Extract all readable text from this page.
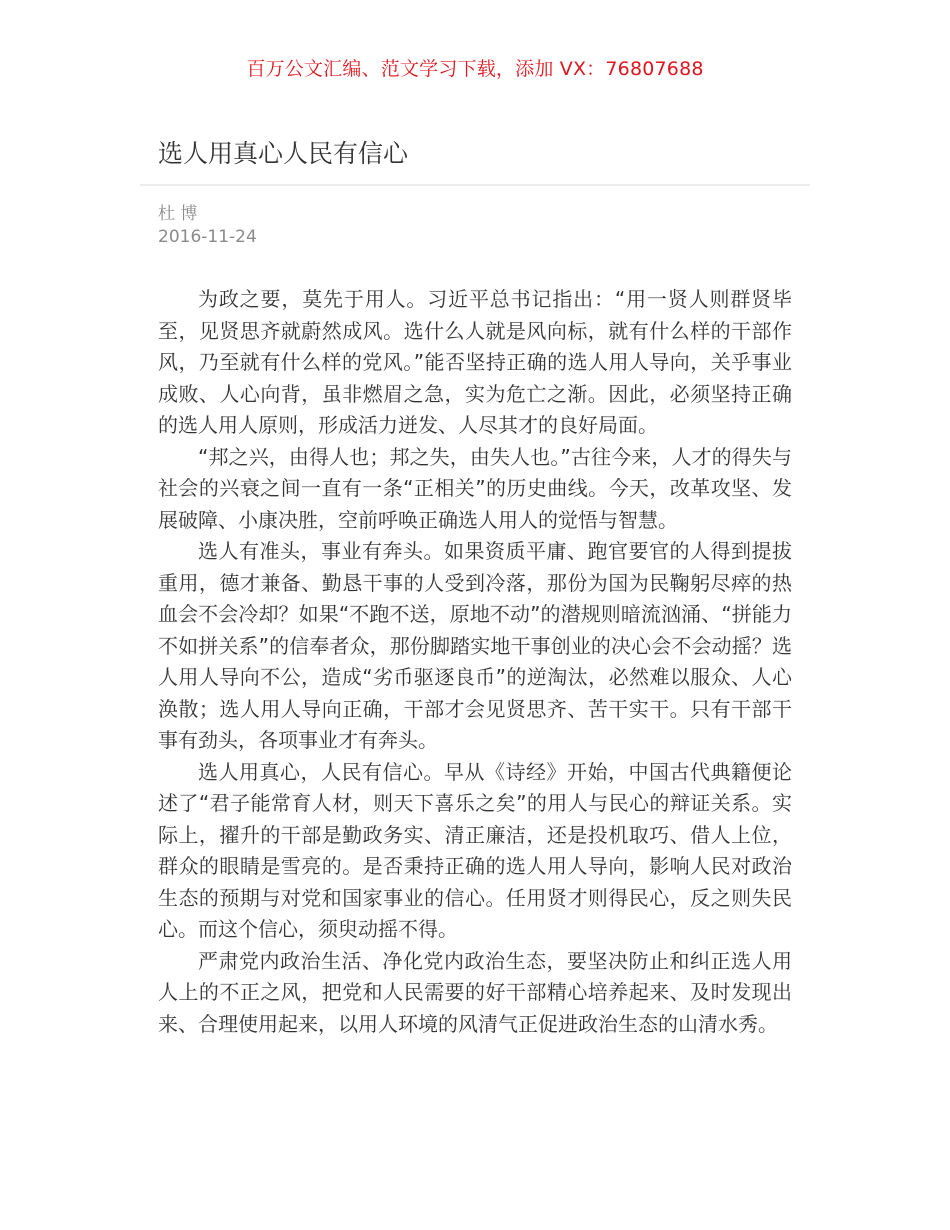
百万公文汇编、范文学习下载，添加 VX：76807688
选人用真心人民有信心
杜 博
2016-11-24

为政之要，莫先于用人。习近平总书记指出：“用一贤人则群贤毕至，见贤思齐就蔚然成风。选什么人就是风向标，就有什么样的干部作风，乃至就有什么样的党风。”能否坚持正确的选人用人导向，关乎事业成败、人心向背，虽非燃眉之急，实为危亡之渐。因此，必须坚持正确的选人用人原则，形成活力迸发、人尽其才的良好局面。

“邦之兴，由得人也；邦之失，由失人也。”古往今来，人才的得失与社会的兴衰之间一直有一条“正相关”的历史曲线。今天，改革攻坚、发展破障、小康决胜，空前呼唤正确选人用人的觉悟与智慧。

选人有准头，事业有奔头。如果资质平庸、跑官要官的人得到提拔重用，德才兼备、勤恳干事的人受到冷落，那份为国为民鞠躬尽瘁的热血会不会冷却？如果“不跑不送，原地不动”的潜规则暗流汹涌、“拼能力不如拼关系”的信奉者众，那份脚踏实地干事创业的决心会不会动摇？选人用人导向不公，造成“劣币驱逐良币”的逆淘汰，必然难以服众、人心涣散；选人用人导向正确，干部才会见贤思齐、苦干实干。只有干部干事有劲头，各项事业才有奔头。

选人用真心，人民有信心。早从《诗经》开始，中国古代典籍便论述了“君子能常育人材，则天下喜乐之矣”的用人与民心的辩证关系。实际上，擢升的干部是勤政务实、清正廉洁，还是投机取巧、借人上位，群众的眼睛是雪亮的。是否秉持正确的选人用人导向，影响人民对政治生态的预期与对党和国家事业的信心。任用贤才则得民心，反之则失民心。而这个信心，须臾动摇不得。

严肃党内政治生活、净化党内政治生态，要坚决防止和纠正选人用人上的不正之风，把党和人民需要的好干部精心培养起来、及时发现出来、合理使用起来，以用人环境的风清气正促进政治生态的山清水秀。
